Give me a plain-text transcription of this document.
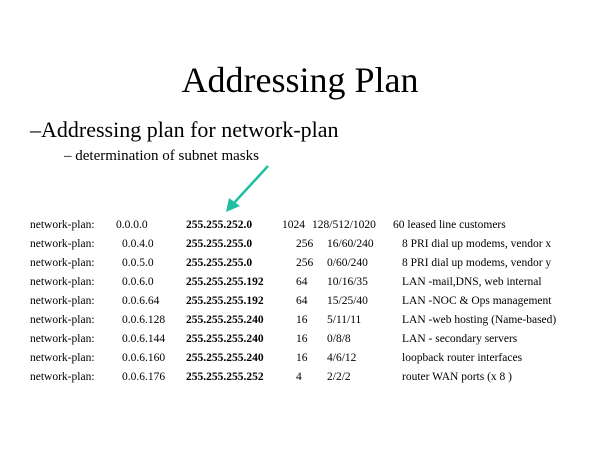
Addressing Plan
–Addressing plan for network-plan
– determination of subnet masks
network-plan: 0.0.0.0	255.255.252.0	1024 128/512/1020 60 leased line customers
network-plan: 0.0.4.0	255.255.255.0	256 16/60/240 8 PRI dial up modems, vendor x
network-plan: 0.0.5.0	255.255.255.0	256 0/60/240	8 PRI dial up modems, vendor y
network-plan: 0.0.6.0	255.255.255.192	64 10/16/35	LAN -mail,DNS, web internal
network-plan: 0.0.6.64 255.255.255.192	64 15/25/40	LAN -NOC & Ops management
network-plan: 0.0.6.128 255.255.255.240	16 5/11/11	LAN -web hosting (Name-based)
network-plan: 0.0.6.144 255.255.255.240	16 0/8/8	LAN - secondary servers
network-plan: 0.0.6.160 255.255.255.240	16 4/6/12	loopback router interfaces
network-plan: 0.0.6.176 255.255.255.252	4 2/2/2	router WAN ports (x 8 )
